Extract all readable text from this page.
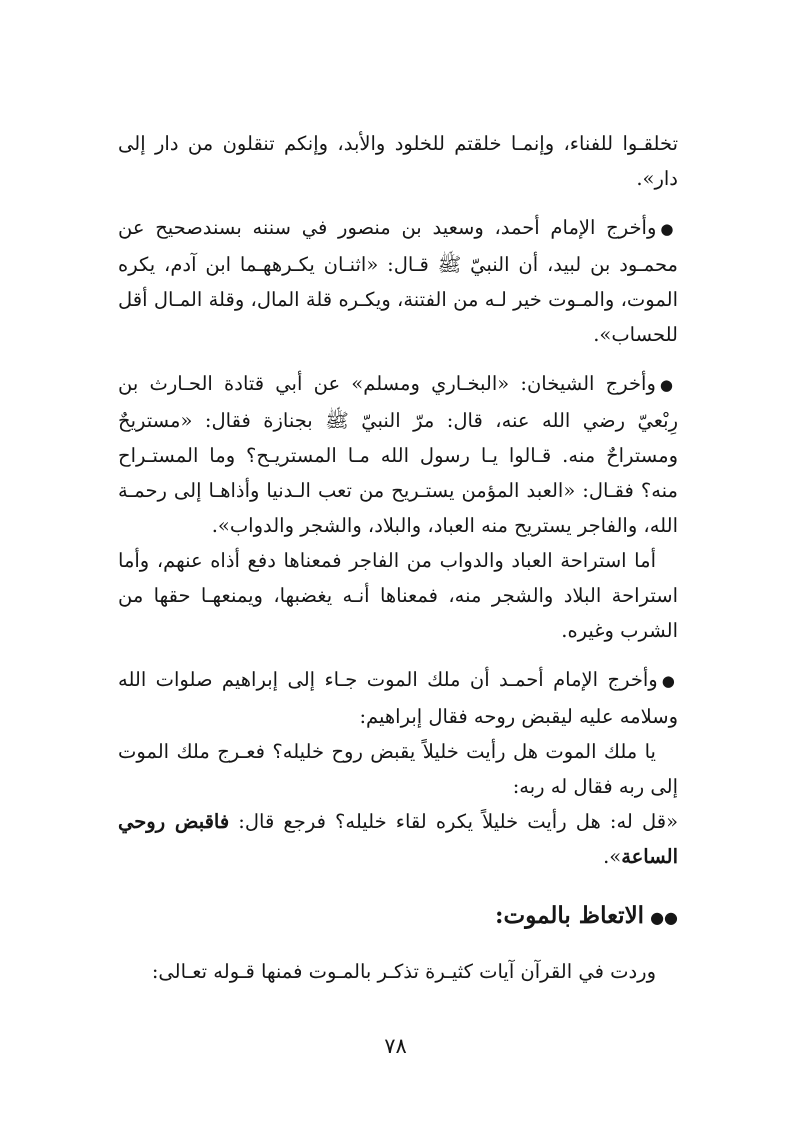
تخلقـوا للفناء، وإنمـا خلقتم للخلود والأبد، وإنكم تنقلون من دار إلى دار».

●وأخرج الإمام أحمد، وسعيد بن منصور في سننه بسندصحيح عن محمـود بن لبيد، أن النبيّ ﷺ قـال: «اثنـان يكـرههـما ابن آدم، يكره الموت، والمـوت خير لـه من الفتنة، ويكـره قلة المال، وقلة المـال أقل للحساب».

●وأخرج الشيخان: «البخـاري ومسلم» عن أبي قتادة الحـارث بن رِبْعيّ رضي الله عنه، قال: مرّ النبيّ ﷺ بجنازة فقال: «مستريحٌ ومستراحٌ منه. قـالوا يـا رسول الله مـا المستريـح؟ وما المستـراح منه؟ فقـال: «العبد المؤمن يستـريح من تعب الـدنيا وأذاهـا إلى رحمـة الله، والفاجر يستريح منه العباد، والبلاد، والشجر والدواب».

أما استراحة العباد والدواب من الفاجر فمعناها دفع أذاه عنهم، وأما استراحة البلاد والشجر منه، فمعناها أنـه يغضبها، ويمنعهـا حقها من الشرب وغيره.

●وأخرج الإمام أحمـد أن ملك الموت جـاء إلى إبراهيم صلوات الله وسلامه عليه ليقبض روحه فقال إبراهيم:

يا ملك الموت هل رأيت خليلاً يقبض روح خليله؟ فعـرج ملك الموت إلى ربه فقال له ربه:

«قل له: هل رأيت خليلاً يكره لقاء خليله؟ فرجع قال: فاقبض روحي الساعة».

●●الاتعاظ بالموت:

وردت في القرآن آيات كثيـرة تذكـر بالمـوت فمنها قـوله تعـالى:

٧٨
